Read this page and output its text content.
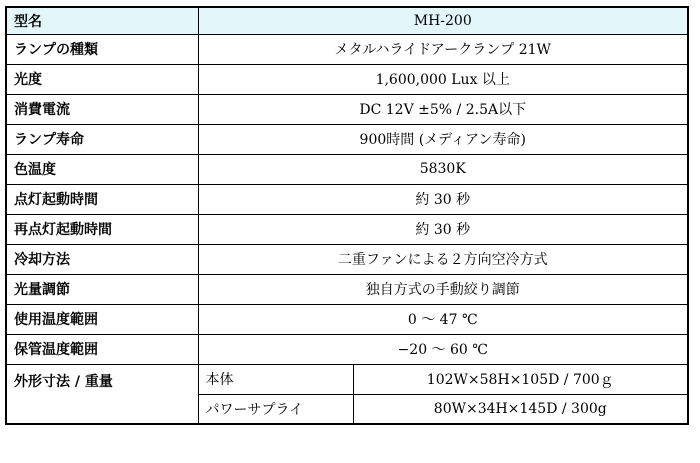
型名	MH-200	
ランプの種類	メタルハライドアークランプ 21W	
光度	1,600,000 Lux 以上	
消費電流	DC 12V ±5% / 2.5A以下	
ランプ寿命	900時間 (メディアン寿命)	
色温度	5830K	
点灯起動時間	約 30 秒	
再点灯起動時間	約 30 秒	
冷却方法	二重ファンによる２方向空冷方式	
光量調節	独自方式の手動絞り調節	
使用温度範囲	0 ～ 47 ℃	
保管温度範囲	−20 ～ 60 ℃	
外形寸法 / 重量	本体	102W×58H×105D / 700ｇ
	パワーサプライ	80W×34H×145D / 300g
